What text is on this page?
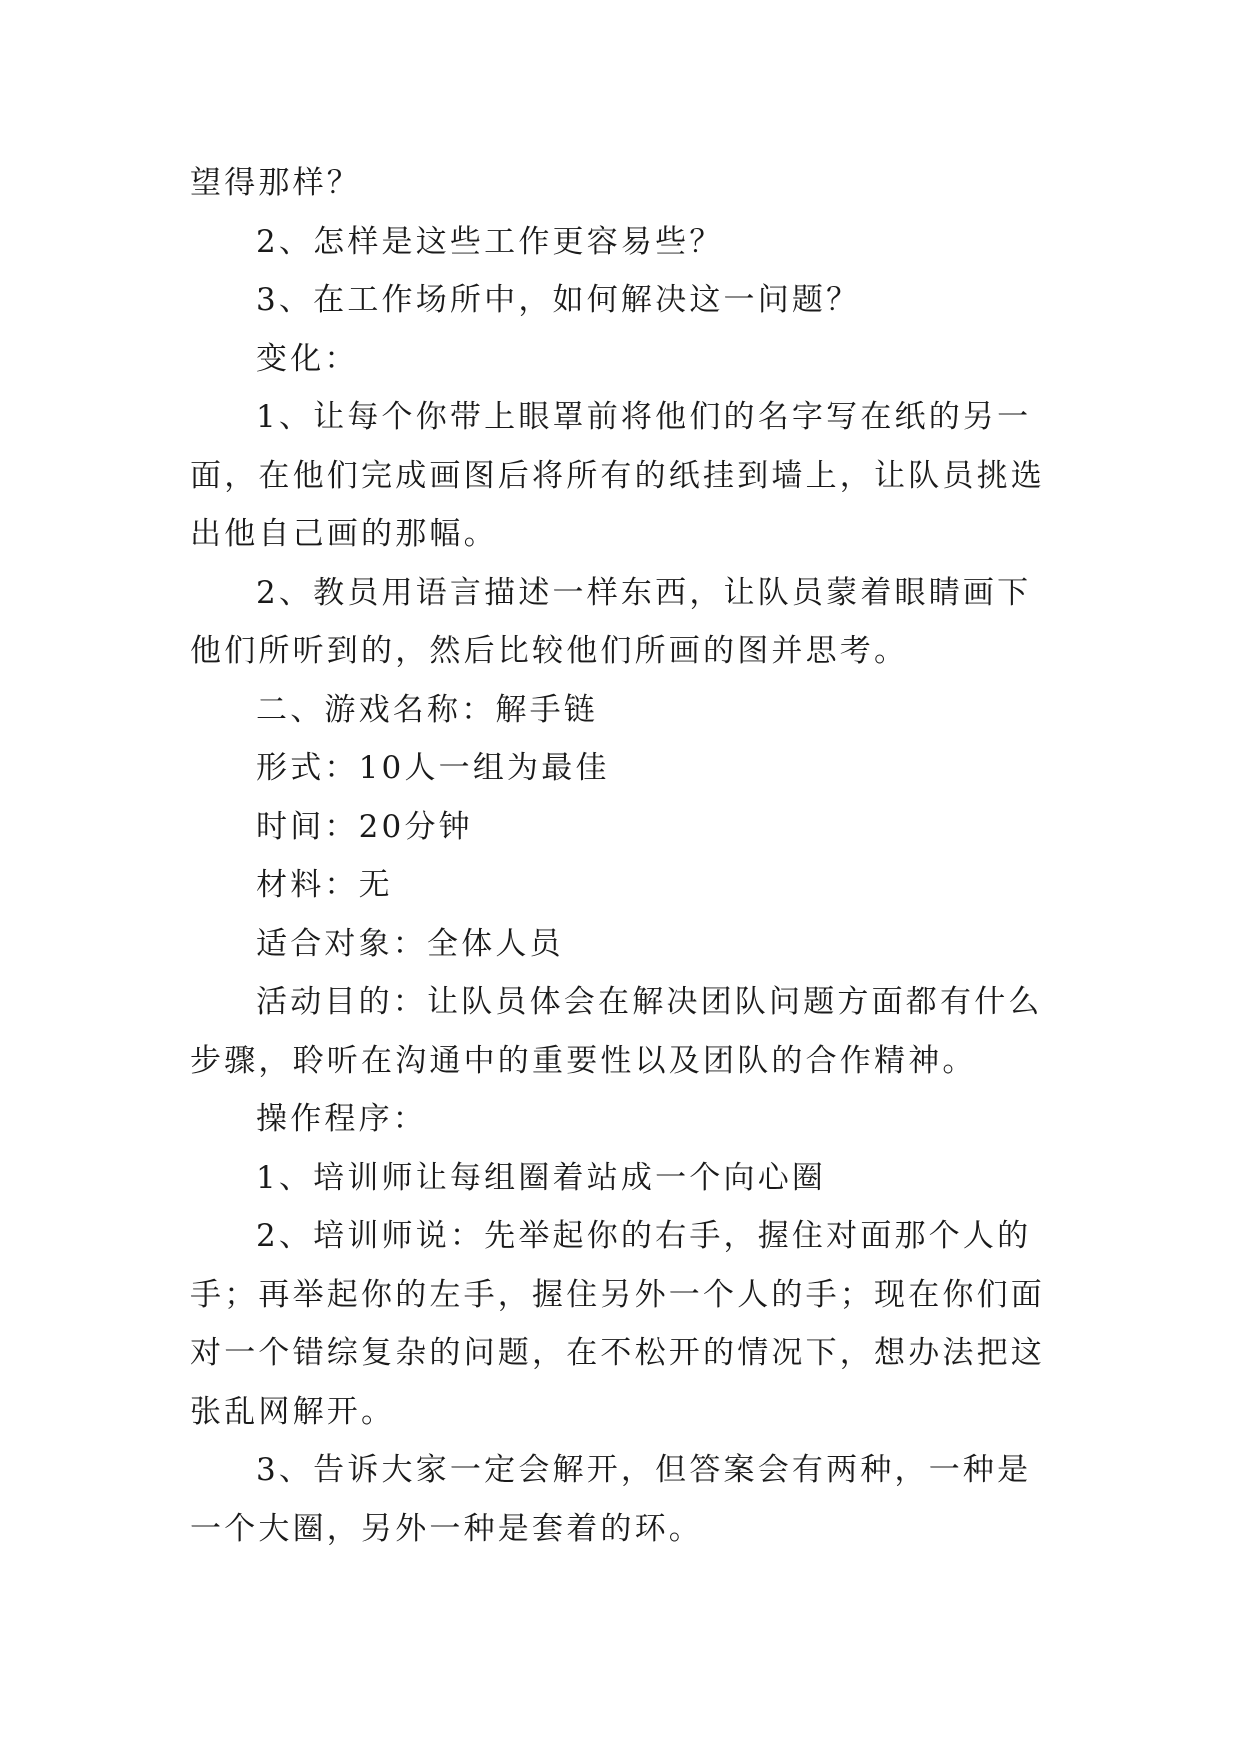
望得那样？

2、怎样是这些工作更容易些？

3、在工作场所中，如何解决这一问题？

变化：

1、让每个你带上眼罩前将他们的名字写在纸的另一面，在他们完成画图后将所有的纸挂到墙上，让队员挑选出他自己画的那幅。

2、教员用语言描述一样东西，让队员蒙着眼睛画下他们所听到的，然后比较他们所画的图并思考。

二、游戏名称：解手链

形式：10人一组为最佳

时间：20分钟

材料：无

适合对象：全体人员

活动目的：让队员体会在解决团队问题方面都有什么步骤，聆听在沟通中的重要性以及团队的合作精神。

操作程序：

1、培训师让每组圈着站成一个向心圈

2、培训师说：先举起你的右手，握住对面那个人的手；再举起你的左手，握住另外一个人的手；现在你们面对一个错综复杂的问题，在不松开的情况下，想办法把这张乱网解开。

3、告诉大家一定会解开，但答案会有两种，一种是一个大圈，另外一种是套着的环。
